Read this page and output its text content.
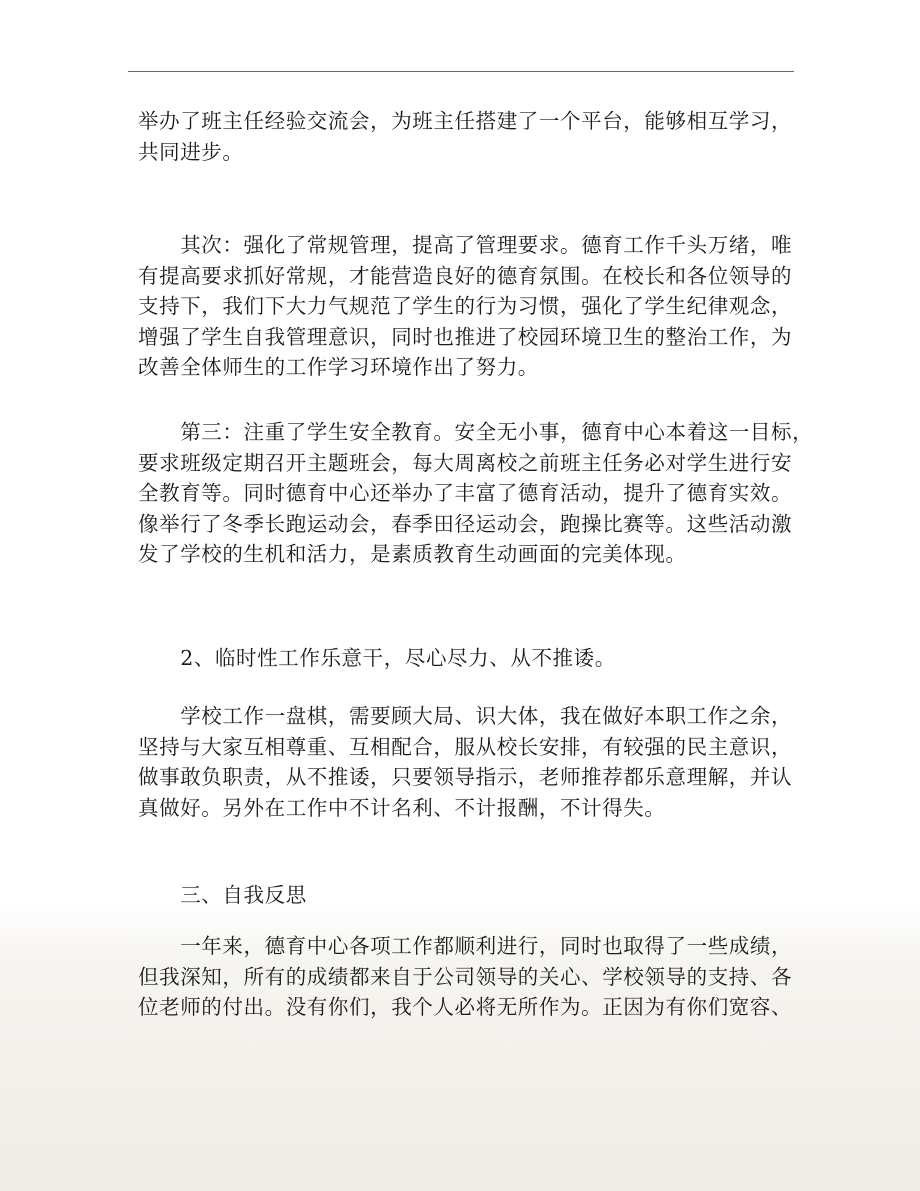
举办了班主任经验交流会，为班主任搭建了一个平台，能够相互学习，
共同进步。
　　其次：强化了常规管理，提高了管理要求。德育工作千头万绪，唯
有提高要求抓好常规，才能营造良好的德育氛围。在校长和各位领导的
支持下，我们下大力气规范了学生的行为习惯，强化了学生纪律观念，
增强了学生自我管理意识，同时也推进了校园环境卫生的整治工作，为
改善全体师生的工作学习环境作出了努力。
　　第三：注重了学生安全教育。安全无小事，德育中心本着这一目标，
要求班级定期召开主题班会，每大周离校之前班主任务必对学生进行安
全教育等。同时德育中心还举办了丰富了德育活动，提升了德育实效。
像举行了冬季长跑运动会，春季田径运动会，跑操比赛等。这些活动激
发了学校的生机和活力，是素质教育生动画面的完美体现。
　　2、临时性工作乐意干，尽心尽力、从不推诿。
　　学校工作一盘棋，需要顾大局、识大体，我在做好本职工作之余，
坚持与大家互相尊重、互相配合，服从校长安排，有较强的民主意识，
做事敢负职责，从不推诿，只要领导指示，老师推荐都乐意理解，并认
真做好。另外在工作中不计名利、不计报酬，不计得失。
　　三、自我反思
　　一年来，德育中心各项工作都顺利进行，同时也取得了一些成绩，
但我深知，所有的成绩都来自于公司领导的关心、学校领导的支持、各
位老师的付出。没有你们，我个人必将无所作为。正因为有你们宽容、
